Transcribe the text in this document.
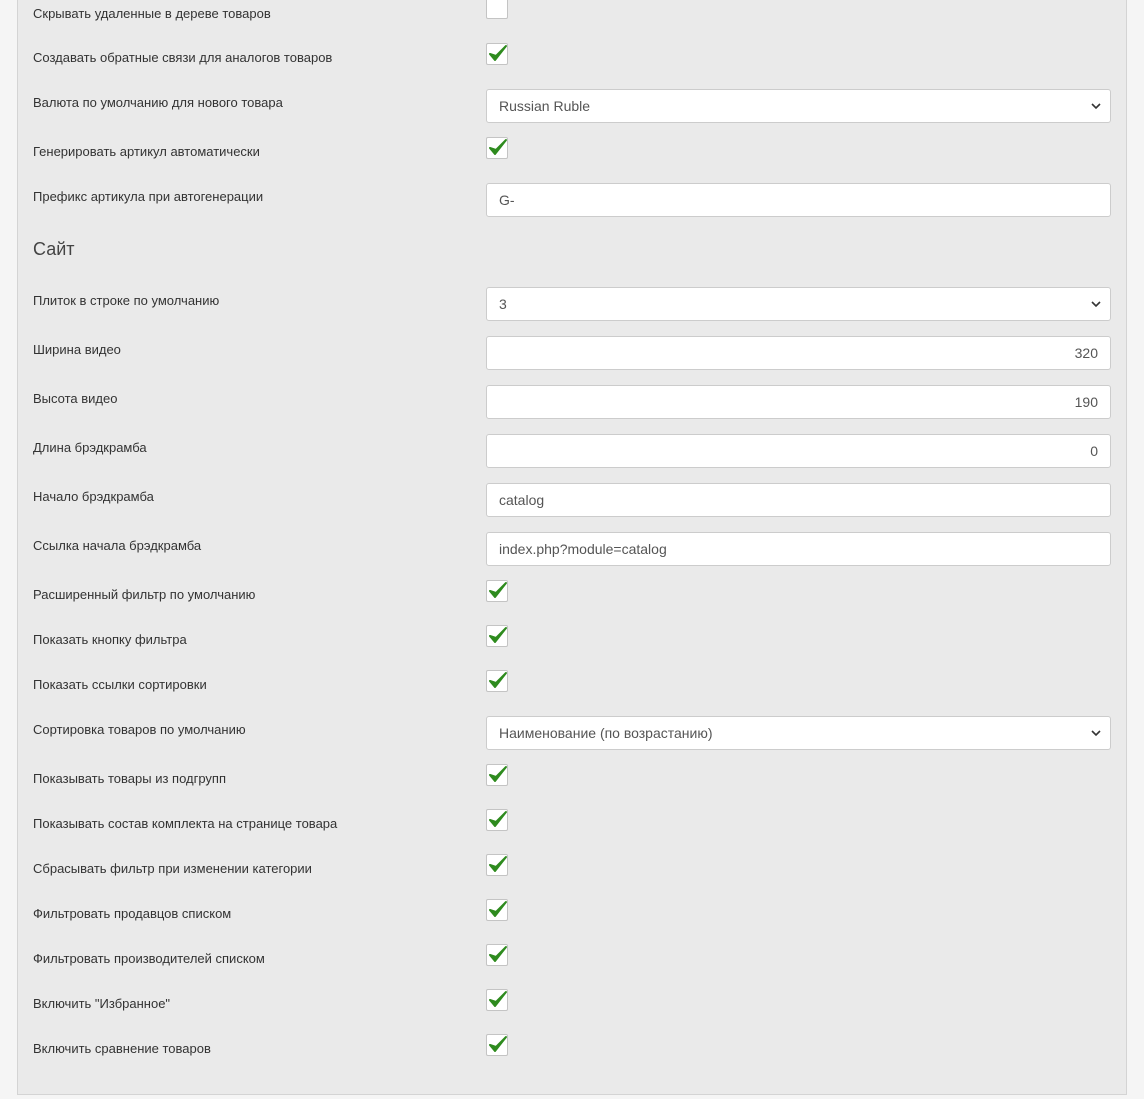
Скрывать удаленные в дереве товаров
Создавать обратные связи для аналогов товаров
Валюта по умолчанию для нового товара	Russian Ruble
Генерировать артикул автоматически
Префикс артикула при автогенерации	G-
Сайт
Плиток в строке по умолчанию	3
Ширина видео	320
Высота видео	190
Длина брэдкрамба	0
Начало брэдкрамба	catalog
Ссылка начала брэдкрамба	index.php?module=catalog
Расширенный фильтр по умолчанию
Показать кнопку фильтра
Показать ссылки сортировки
Сортировка товаров по умолчанию	Наименование (по возрастанию)
Показывать товары из подгрупп
Показывать состав комплекта на странице товара
Сбрасывать фильтр при изменении категории
Фильтровать продавцов списком
Фильтровать производителей списком
Включить "Избранное"
Включить сравнение товаров
